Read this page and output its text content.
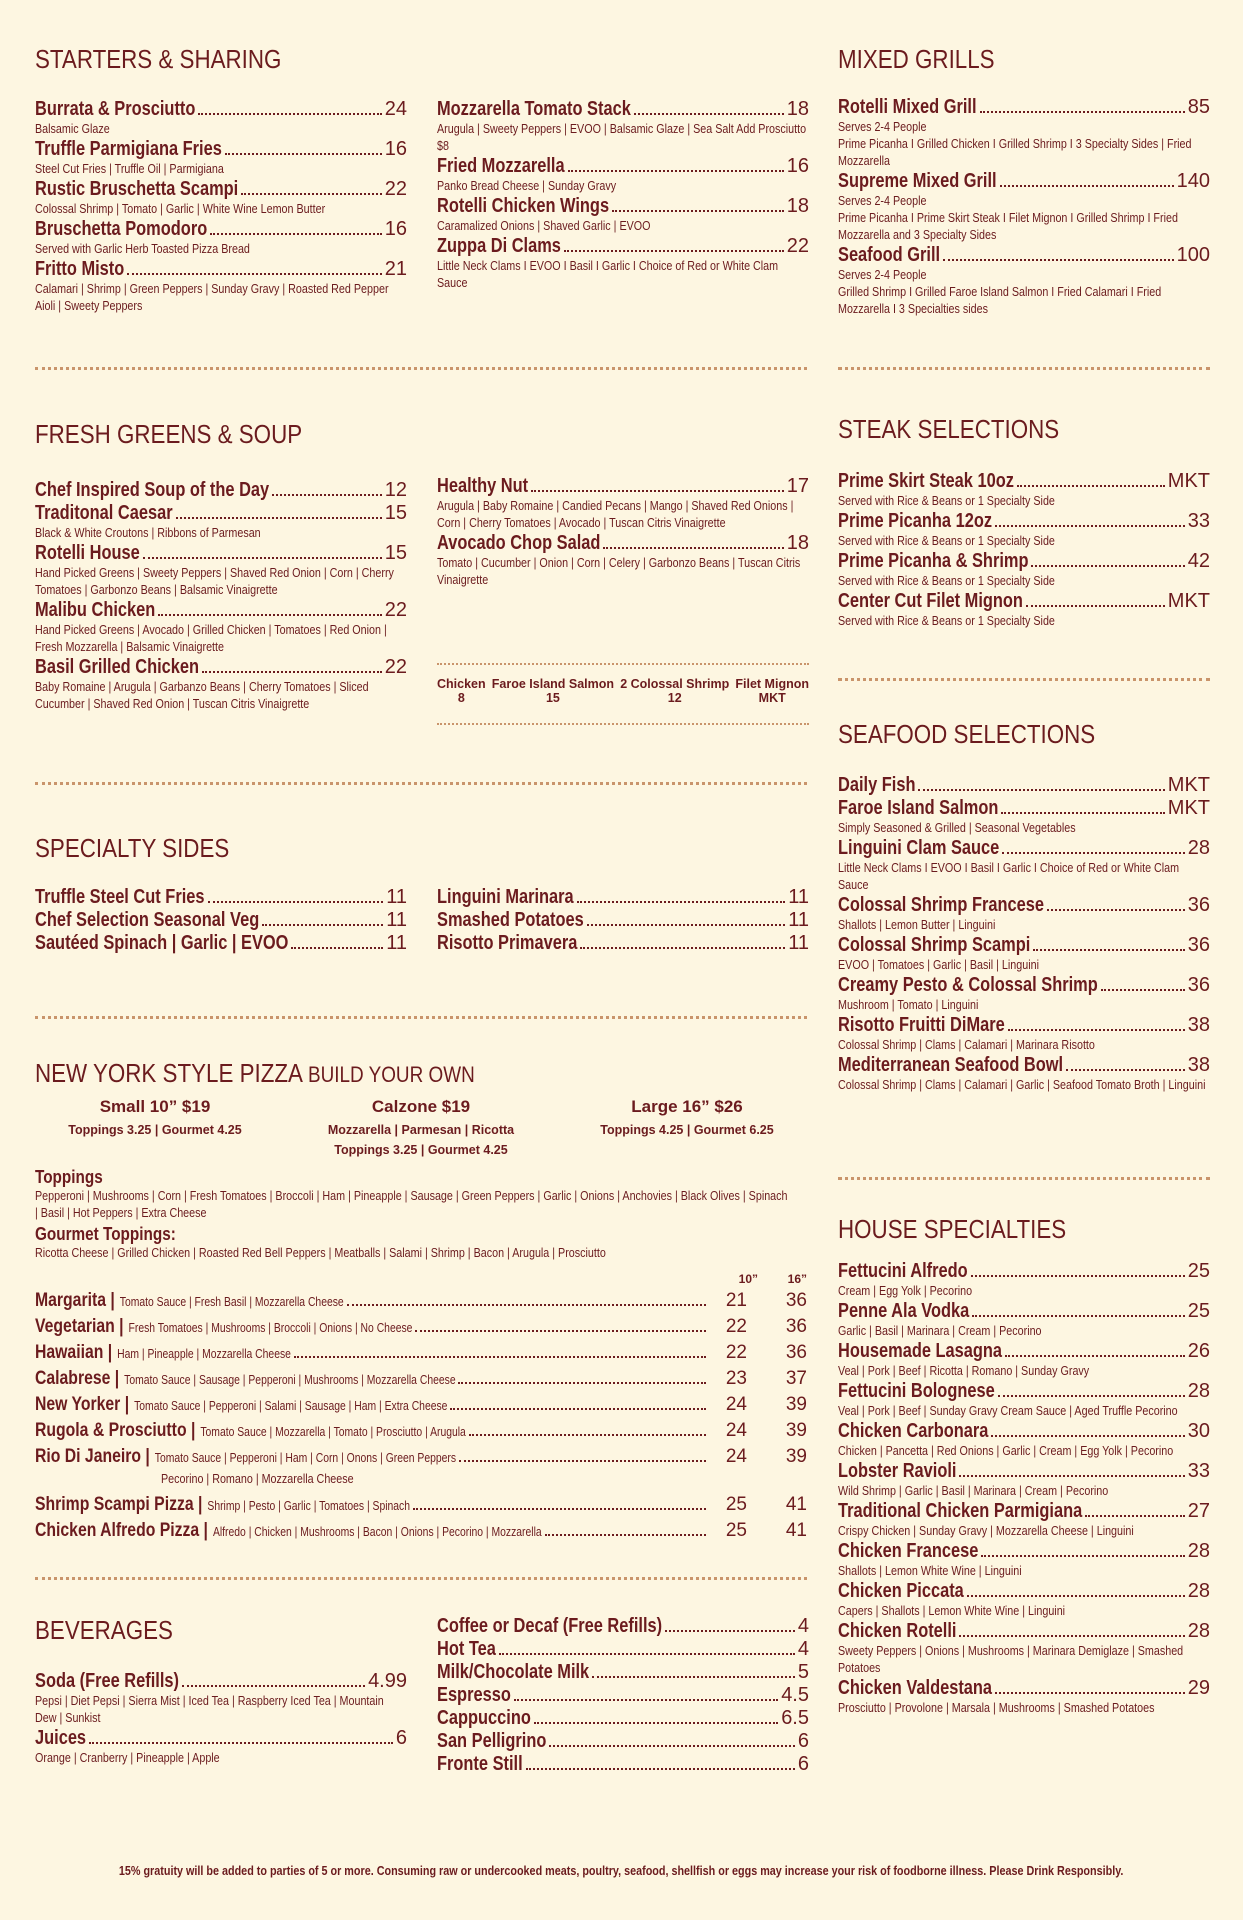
STARTERS & SHARING
Burrata & Prosciutto	24
Balsamic Glaze
Truffle Parmigiana Fries	16
Steel Cut Fries | Truffle Oil | Parmigiana
Rustic Bruschetta Scampi	22
Colossal Shrimp | Tomato | Garlic | White Wine Lemon Butter
Bruschetta Pomodoro	16
Served with Garlic Herb Toasted Pizza Bread
Fritto Misto	21
Calamari | Shrimp | Green Peppers | Sunday Gravy | Roasted Red Pepper Aioli | Sweety Peppers
Mozzarella Tomato Stack	18
Arugula | Sweety Peppers | EVOO | Balsamic Glaze | Sea Salt Add Prosciutto $8
Fried Mozzarella	16
Panko Bread Cheese | Sunday Gravy
Rotelli Chicken Wings	18
Caramalized Onions | Shaved Garlic | EVOO
Zuppa Di Clams	22
Little Neck Clams I EVOO I Basil I Garlic I Choice of Red or White Clam Sauce
MIXED GRILLS
Rotelli Mixed Grill	85
Serves 2-4 People
Prime Picanha I Grilled Chicken I Grilled Shrimp I 3 Specialty Sides | Fried Mozzarella
Supreme Mixed Grill	140
Serves 2-4 People
Prime Picanha I Prime Skirt Steak I Filet Mignon I Grilled Shrimp I Fried Mozzarella and 3 Specialty Sides
Seafood Grill	100
Serves 2-4 People
Grilled Shrimp I Grilled Faroe Island Salmon I Fried Calamari I Fried Mozzarella I 3 Specialties sides
FRESH GREENS & SOUP
Chef Inspired Soup of the Day	12
Traditonal Caesar	15
Black & White Croutons | Ribbons of Parmesan
Rotelli House	15
Hand Picked Greens | Sweety Peppers | Shaved Red Onion | Corn | Cherry Tomatoes | Garbonzo Beans | Balsamic Vinaigrette
Malibu Chicken	22
Hand Picked Greens | Avocado | Grilled Chicken | Tomatoes | Red Onion | Fresh Mozzarella | Balsamic Vinaigrette
Basil Grilled Chicken	22
Baby Romaine | Arugula | Garbanzo Beans | Cherry Tomatoes | Sliced Cucumber | Shaved Red Onion | Tuscan Citris Vinaigrette
Healthy Nut	17
Arugula | Baby Romaine | Candied Pecans | Mango | Shaved Red Onions | Corn | Cherry Tomatoes | Avocado | Tuscan Citris Vinaigrette
Avocado Chop Salad	18
Tomato | Cucumber | Onion | Corn | Celery | Garbonzo Beans | Tuscan Citris Vinaigrette
Chicken
8
Faroe Island Salmon
15
2 Colossal Shrimp
12
Filet Mignon
MKT
STEAK SELECTIONS
Prime Skirt Steak 10oz	MKT
Served with Rice & Beans or 1 Specialty Side
Prime Picanha 12oz	33
Served with Rice & Beans or 1 Specialty Side
Prime Picanha & Shrimp	42
Served with Rice & Beans or 1 Specialty Side
Center Cut Filet Mignon	MKT
Served with Rice & Beans or 1 Specialty Side
SEAFOOD SELECTIONS
Daily Fish	MKT
Faroe Island Salmon	MKT
Simply Seasoned & Grilled | Seasonal Vegetables
Linguini Clam Sauce	28
Little Neck Clams I EVOO I Basil I Garlic I Choice of Red or White Clam Sauce
Colossal Shrimp Francese	36
Shallots | Lemon Butter | Linguini
Colossal Shrimp Scampi	36
EVOO | Tomatoes | Garlic | Basil | Linguini
Creamy Pesto & Colossal Shrimp	36
Mushroom | Tomato | Linguini
Risotto Fruitti DiMare	38
Colossal Shrimp | Clams | Calamari | Marinara Risotto
Mediterranean Seafood Bowl	38
Colossal Shrimp | Clams | Calamari | Garlic | Seafood Tomato Broth | Linguini
SPECIALTY SIDES
Truffle Steel Cut Fries	11
Chef Selection Seasonal Veg	11
Sautéed Spinach | Garlic | EVOO	11
Linguini Marinara	11
Smashed Potatoes	11
Risotto Primavera	11
NEW YORK STYLE PIZZA BUILD YOUR OWN
Small 10” $19
Toppings 3.25 | Gourmet 4.25
Calzone $19
Mozzarella | Parmesan | Ricotta
Toppings 3.25 | Gourmet 4.25
Large 16” $26
Toppings 4.25 | Gourmet 6.25
Toppings
Pepperoni | Mushrooms | Corn | Fresh Tomatoes | Broccoli | Ham | Pineapple | Sausage | Green Peppers | Garlic | Onions | Anchovies | Black Olives | Spinach | Basil | Hot Peppers | Extra Cheese
Gourmet Toppings:
Ricotta Cheese | Grilled Chicken | Roasted Red Bell Peppers | Meatballs | Salami | Shrimp | Bacon | Arugula | Prosciutto
10”	16”
Margarita | Tomato Sauce | Fresh Basil | Mozzarella Cheese	21	36
Vegetarian | Fresh Tomatoes | Mushrooms | Broccoli | Onions | No Cheese	22	36
Hawaiian | Ham | Pineapple | Mozzarella Cheese	22	36
Calabrese | Tomato Sauce | Sausage | Pepperoni | Mushrooms | Mozzarella Cheese	23	37
New Yorker | Tomato Sauce | Pepperoni | Salami | Sausage | Ham | Extra Cheese	24	39
Rugola & Prosciutto | Tomato Sauce | Mozzarella | Tomato | Prosciutto | Arugula	24	39
Rio Di Janeiro | Tomato Sauce | Pepperoni | Ham | Corn | Onons | Green Peppers	24	39
Pecorino | Romano | Mozzarella Cheese
Shrimp Scampi Pizza | Shrimp | Pesto | Garlic | Tomatoes | Spinach	25	41
Chicken Alfredo Pizza | Alfredo | Chicken | Mushrooms | Bacon | Onions | Pecorino | Mozzarella	25	41
HOUSE SPECIALTIES
Fettucini Alfredo	25
Cream | Egg Yolk | Pecorino
Penne Ala Vodka	25
Garlic | Basil | Marinara | Cream | Pecorino
Housemade Lasagna	26
Veal | Pork | Beef | Ricotta | Romano | Sunday Gravy
Fettucini Bolognese	28
Veal | Pork | Beef | Sunday Gravy Cream Sauce | Aged Truffle Pecorino
Chicken Carbonara	30
Chicken | Pancetta | Red Onions | Garlic | Cream | Egg Yolk | Pecorino
Lobster Ravioli	33
Wild Shrimp | Garlic | Basil | Marinara | Cream | Pecorino
Traditional Chicken Parmigiana	27
Crispy Chicken | Sunday Gravy | Mozzarella Cheese | Linguini
Chicken Francese	28
Shallots | Lemon White Wine | Linguini
Chicken Piccata	28
Capers | Shallots | Lemon White Wine | Linguini
Chicken Rotelli	28
Sweety Peppers | Onions | Mushrooms | Marinara Demiglaze | Smashed Potatoes
Chicken Valdestana	29
Prosciutto | Provolone | Marsala | Mushrooms | Smashed Potatoes
BEVERAGES
Soda (Free Refills)	4.99
Pepsi | Diet Pepsi | Sierra Mist | Iced Tea | Raspberry Iced Tea | Mountain Dew | Sunkist
Juices	6
Orange | Cranberry | Pineapple | Apple
Coffee or Decaf (Free Refills)	4
Hot Tea	4
Milk/Chocolate Milk	5
Espresso	4.5
Cappuccino	6.5
San Pelligrino	6
Fronte Still	6
15% gratuity will be added to parties of 5 or more. Consuming raw or undercooked meats, poultry, seafood, shellfish or eggs may increase your risk of foodborne illness. Please Drink Responsibly.
